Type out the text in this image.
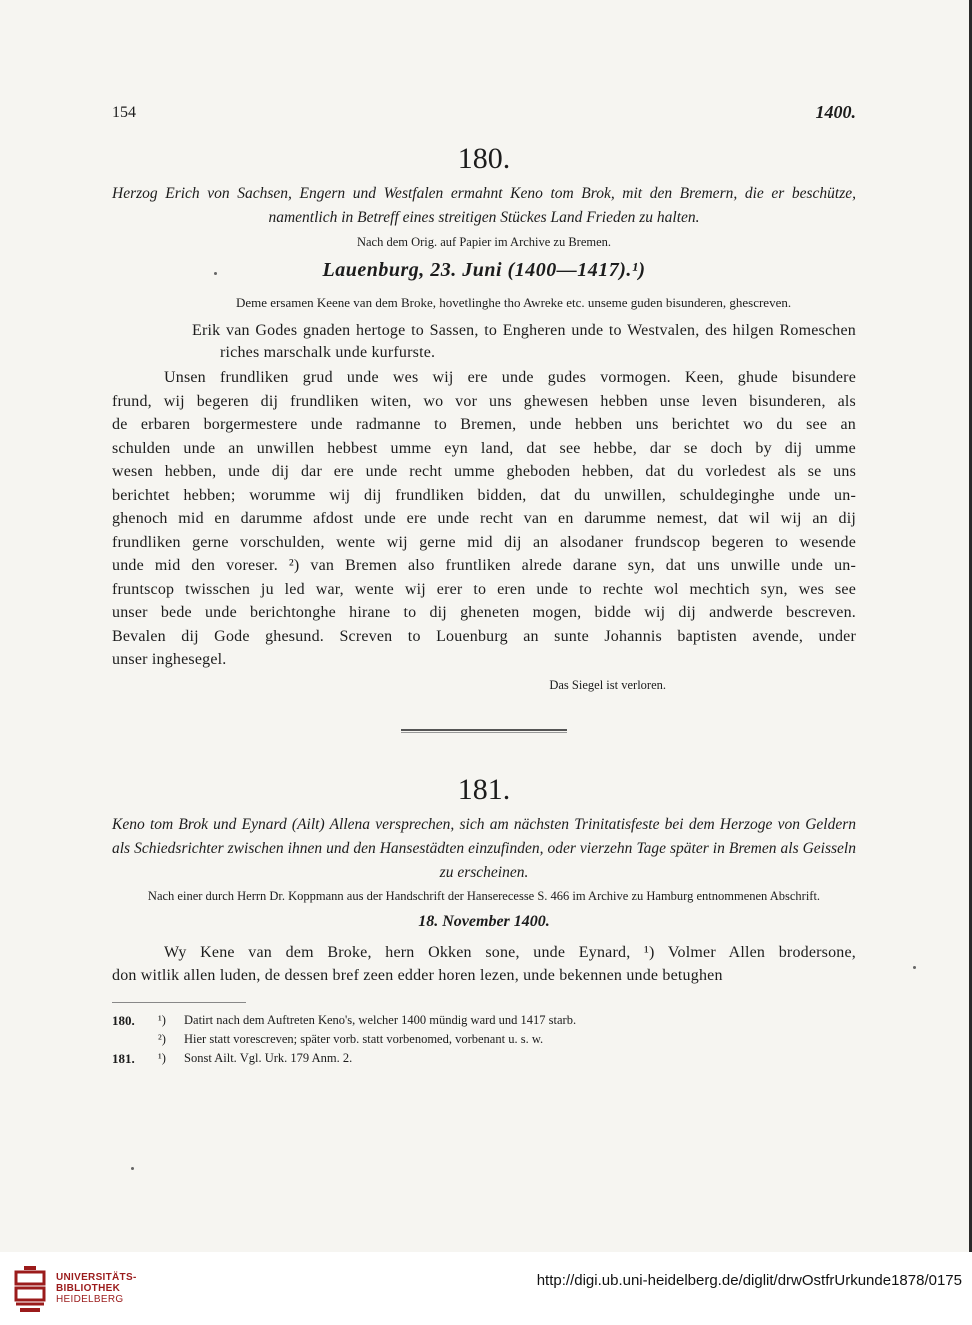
154	1400.
180.

Herzog Erich von Sachsen, Engern und Westfalen ermahnt Keno tom Brok, mit den Bremern, die er beschütze, namentlich in Betreff eines streitigen Stückes Land Frieden zu halten.

Nach dem Orig. auf Papier im Archive zu Bremen.
Lauenburg, 23. Juni (1400—1417).¹)

Deme ersamen Keene van dem Broke, hovetlinghe tho Awreke etc. unseme guden bisunderen, ghescreven.

Erik van Godes gnaden hertoge to Sassen, to Engheren unde to Westvalen, des hilgen Romeschen riches marschalk unde kurfurste.

Unsen frundliken grud unde wes wij ere unde gudes vormogen. Keen, ghude bisundere
frund, wij begeren dij frundliken witen, wo vor uns ghewesen hebben unse leven bisunderen, als
de erbaren borgermestere unde radmanne to Bremen, unde hebben uns berichtet wo du see an
schulden unde an unwillen hebbest umme eyn land, dat see hebbe, dar se doch by dij umme
wesen hebben, unde dij dar ere unde recht umme gheboden hebben, dat du vorledest als se uns
berichtet hebben; worumme wij dij frundliken bidden, dat du unwillen, schuldeginghe unde un-
ghenoch mid en darumme afdost unde ere unde recht van en darumme nemest, dat wil wij an dij
frundliken gerne vorschulden, wente wij gerne mid dij an alsodaner frundscop begeren to wesende
unde mid den voreser. ²) van Bremen also fruntliken alrede darane syn, dat uns unwille unde un-
fruntscop twisschen ju led war, wente wij erer to eren unde to rechte wol mechtich syn, wes see
unser bede unde berichtonghe hirane to dij gheneten mogen, bidde wij dij andwerde bescreven.
Bevalen dij Gode ghesund. Screven to Louenburg an sunte Johannis baptisten avende, under
unser inghesegel.
Das Siegel ist verloren.
181.

Keno tom Brok und Eynard (Ailt) Allena versprechen, sich am nächsten Trinitatisfeste bei dem Herzoge von Geldern als Schiedsrichter zwischen ihnen und den Hansestädten einzufinden, oder vierzehn Tage später in Bremen als Geisseln zu erscheinen.

Nach einer durch Herrn Dr. Koppmann aus der Handschrift der Hanserecesse S. 466 im Archive zu Hamburg entnommenen Abschrift.
18. November 1400.
Wy Kene van dem Broke, hern Okken sone, unde Eynard, ¹) Volmer Allen brodersone,
don witlik allen luden, de dessen bref zeen edder horen lezen, unde bekennen unde betughen
180. ¹) Datirt nach dem Auftreten Keno's, welcher 1400 mündig ward und 1417 starb.
²) Hier statt vorescreven; später vorb. statt vorbenomed, vorbenant u. s. w.
181. ¹) Sonst Ailt. Vgl. Urk. 179 Anm. 2.
UNIVERSITÄTS-
BIBLIOTHEK
HEIDELBERG
http://digi.ub.uni-heidelberg.de/diglit/drwOstfrUrkunde1878/0175
